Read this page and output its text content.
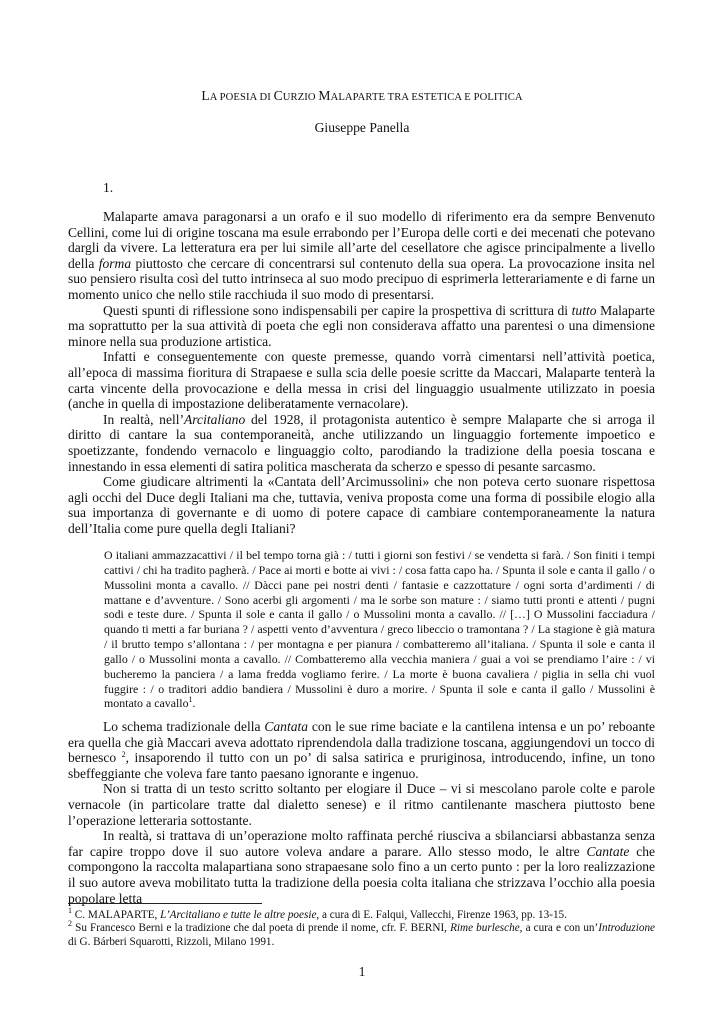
LA POESIA DI CURZIO MALAPARTE TRA ESTETICA E POLITICA
Giuseppe Panella
1.

Malaparte amava paragonarsi a un orafo e il suo modello di riferimento era da sempre Benvenuto Cellini, come lui di origine toscana ma esule errabondo per l’Europa delle corti e dei mecenati che potevano dargli da vivere. La letteratura era per lui simile all’arte del cesellatore che agisce principalmente a livello della forma piuttosto che cercare di concentrarsi sul contenuto della sua opera. La provocazione insita nel suo pensiero risulta così del tutto intrinseca al suo modo precipuo di esprimerla letterariamente e di farne un momento unico che nello stile racchiuda il suo modo di presentarsi.

Questi spunti di riflessione sono indispensabili per capire la prospettiva di scrittura di tutto Malaparte ma soprattutto per la sua attività di poeta che egli non considerava affatto una parentesi o una dimensione minore nella sua produzione artistica.

Infatti e conseguentemente con queste premesse, quando vorrà cimentarsi nell’attività poetica, all’epoca di massima fioritura di Strapaese e sulla scia delle poesie scritte da Maccari, Malaparte tenterà la carta vincente della provocazione e della messa in crisi del linguaggio usualmente utilizzato in poesia (anche in quella di impostazione deliberatamente vernacolare).

In realtà, nell’Arcitaliano del 1928, il protagonista autentico è sempre Malaparte che si arroga il diritto di cantare la sua contemporaneità, anche utilizzando un linguaggio fortemente impoetico e spoetizzante, fondendo vernacolo e linguaggio colto, parodiando la tradizione della poesia toscana e innestando in essa elementi di satira politica mascherata da scherzo e spesso di pesante sarcasmo.

Come giudicare altrimenti la «Cantata dell’Arcimussolini» che non poteva certo suonare rispettosa agli occhi del Duce degli Italiani ma che, tuttavia, veniva proposta come una forma di possibile elogio alla sua importanza di governante e di uomo di potere capace di cambiare contemporaneamente la natura dell’Italia come pure quella degli Italiani?

O italiani ammazzacattivi / il bel tempo torna già : / tutti i giorni son festivi / se vendetta si farà. / Son finiti i tempi cattivi / chi ha tradito pagherà. / Pace ai morti e botte ai vivi : / cosa fatta capo ha. / Spunta il sole e canta il gallo / o Mussolini monta a cavallo. // Dàcci pane pei nostri denti / fantasie e cazzottature / ogni sorta d’ardimenti / di mattane e d’avventure. / Sono acerbi gli argomenti / ma le sorbe son mature : / siamo tutti pronti e attenti / pugni sodi e teste dure. / Spunta il sole e canta il gallo / o Mussolini monta a cavallo. // […] O Mussolini facciadura / quando ti metti a far buriana ? / aspetti vento d’avventura / greco libeccio o tramontana ? / La stagione è già matura / il brutto tempo s’allontana : / per montagna e per pianura / combatteremo all’italiana. / Spunta il sole e canta il gallo / o Mussolini monta a cavallo. // Combatteremo alla vecchia maniera / guai a voi se prendiamo l’aire : / vi bucheremo la panciera / a lama fredda vogliamo ferire. / La morte è buona cavaliera / piglia in sella chi vuol fuggire : / o traditori addio bandiera / Mussolini è duro a morire. / Spunta il sole e canta il gallo / Mussolini è montato a cavallo$^1$.

Lo schema tradizionale della Cantata con le sue rime baciate e la cantilena intensa e un po’ reboante era quella che già Maccari aveva adottato riprendendola dalla tradizione toscana, aggiungendovi un tocco di bernesco $^2$, insaporendo il tutto con un po’ di salsa satirica e pruriginosa, introducendo, infine, un tono sbeffeggiante che voleva fare tanto paesano ignorante e ingenuo.

Non si tratta di un testo scritto soltanto per elogiare il Duce – vi si mescolano parole colte e parole vernacole (in particolare tratte dal dialetto senese) e il ritmo cantilenante maschera piuttosto bene l’operazione letteraria sottostante.

In realtà, si trattava di un’operazione molto raffinata perché riusciva a sbilanciarsi abbastanza senza far capire troppo dove il suo autore voleva andare a parare. Allo stesso modo, le altre Cantate che compongono la raccolta malapartiana sono strapaesane solo fino a un certo punto : per la loro realizzazione il suo autore aveva mobilitato tutta la tradizione della poesia colta italiana che strizzava l’occhio alla poesia popolare letta

$^1$ C. MALAPARTE, L’Arcitaliano e tutte le altre poesie, a cura di E. Falqui, Vallecchi, Firenze 1963, pp. 13-15.

$^2$ Su Francesco Berni e la tradizione che dal poeta di prende il nome, cfr. F. BERNI, Rime burlesche, a cura e con un’Introduzione di G. Bárberi Squarotti, Rizzoli, Milano 1991.

1
